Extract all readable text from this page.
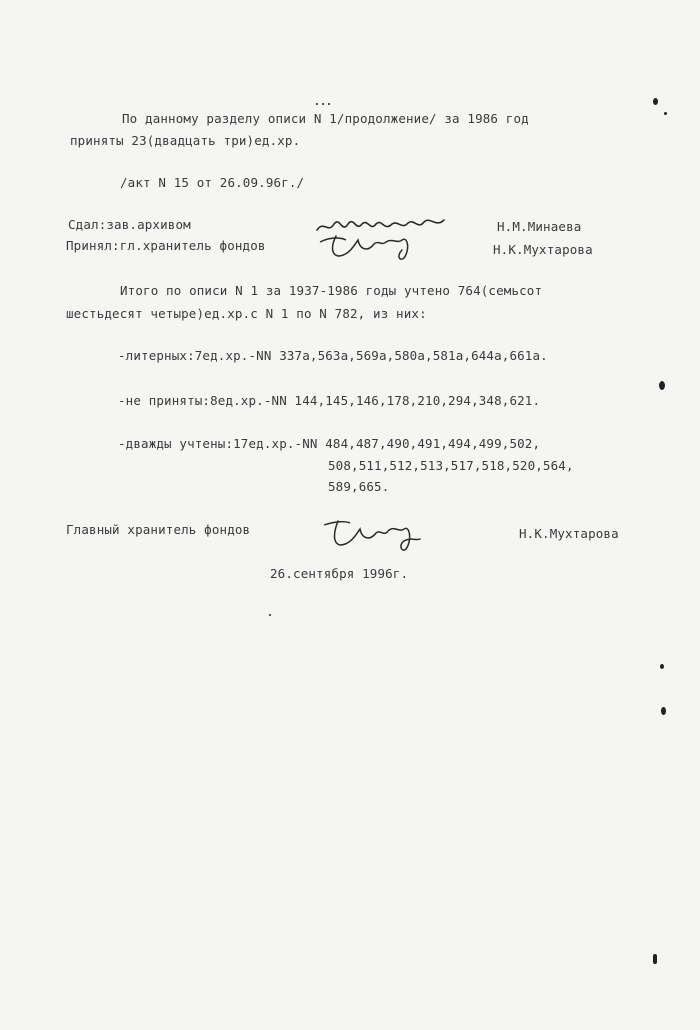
По данному разделу описи N 1/продолжение/ за 1986 год
приняты 23(двадцать три)ед.хр.
/акт N 15 от 26.09.96г./
Сдал:зав.архивом	Н.М.Минаева
Принял:гл.хранитель фондов	Н.К.Мухтарова
Итого по описи N 1 за 1937-1986 годы учтено 764(семьсот
шестьдесят четыре)ед.хр.с N 1 по N 782, из них:
-литерных:7ед.хр.-NN 337а,563а,569а,580а,581а,644а,661а.
-не приняты:8ед.хр.-NN 144,145,146,178,210,294,348,621.
-дважды учтены:17ед.хр.-NN 484,487,490,491,494,499,502,
508,511,512,513,517,518,520,564,
589,665.
Главный хранитель фондов	Н.К.Мухтарова
26.сентября 1996г.
